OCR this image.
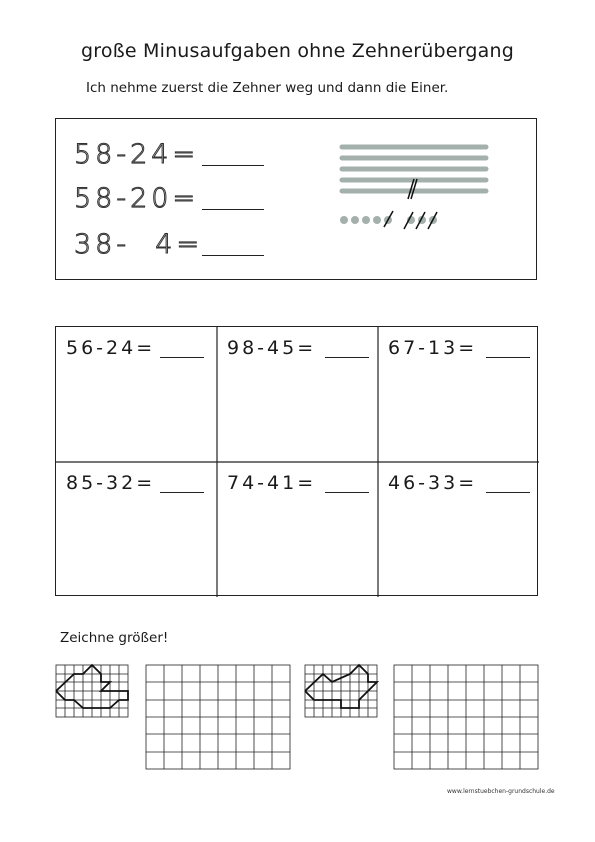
große Minusaufgaben ohne Zehnerübergang
Ich nehme zuerst die Zehner weg und dann die Einer.
58-24=
58-20=
38-  4=
56-24=	98-45=	67-13=
85-32=	74-41=	46-33=
Zeichne größer!
www.lernstuebchen-grundschule.de
